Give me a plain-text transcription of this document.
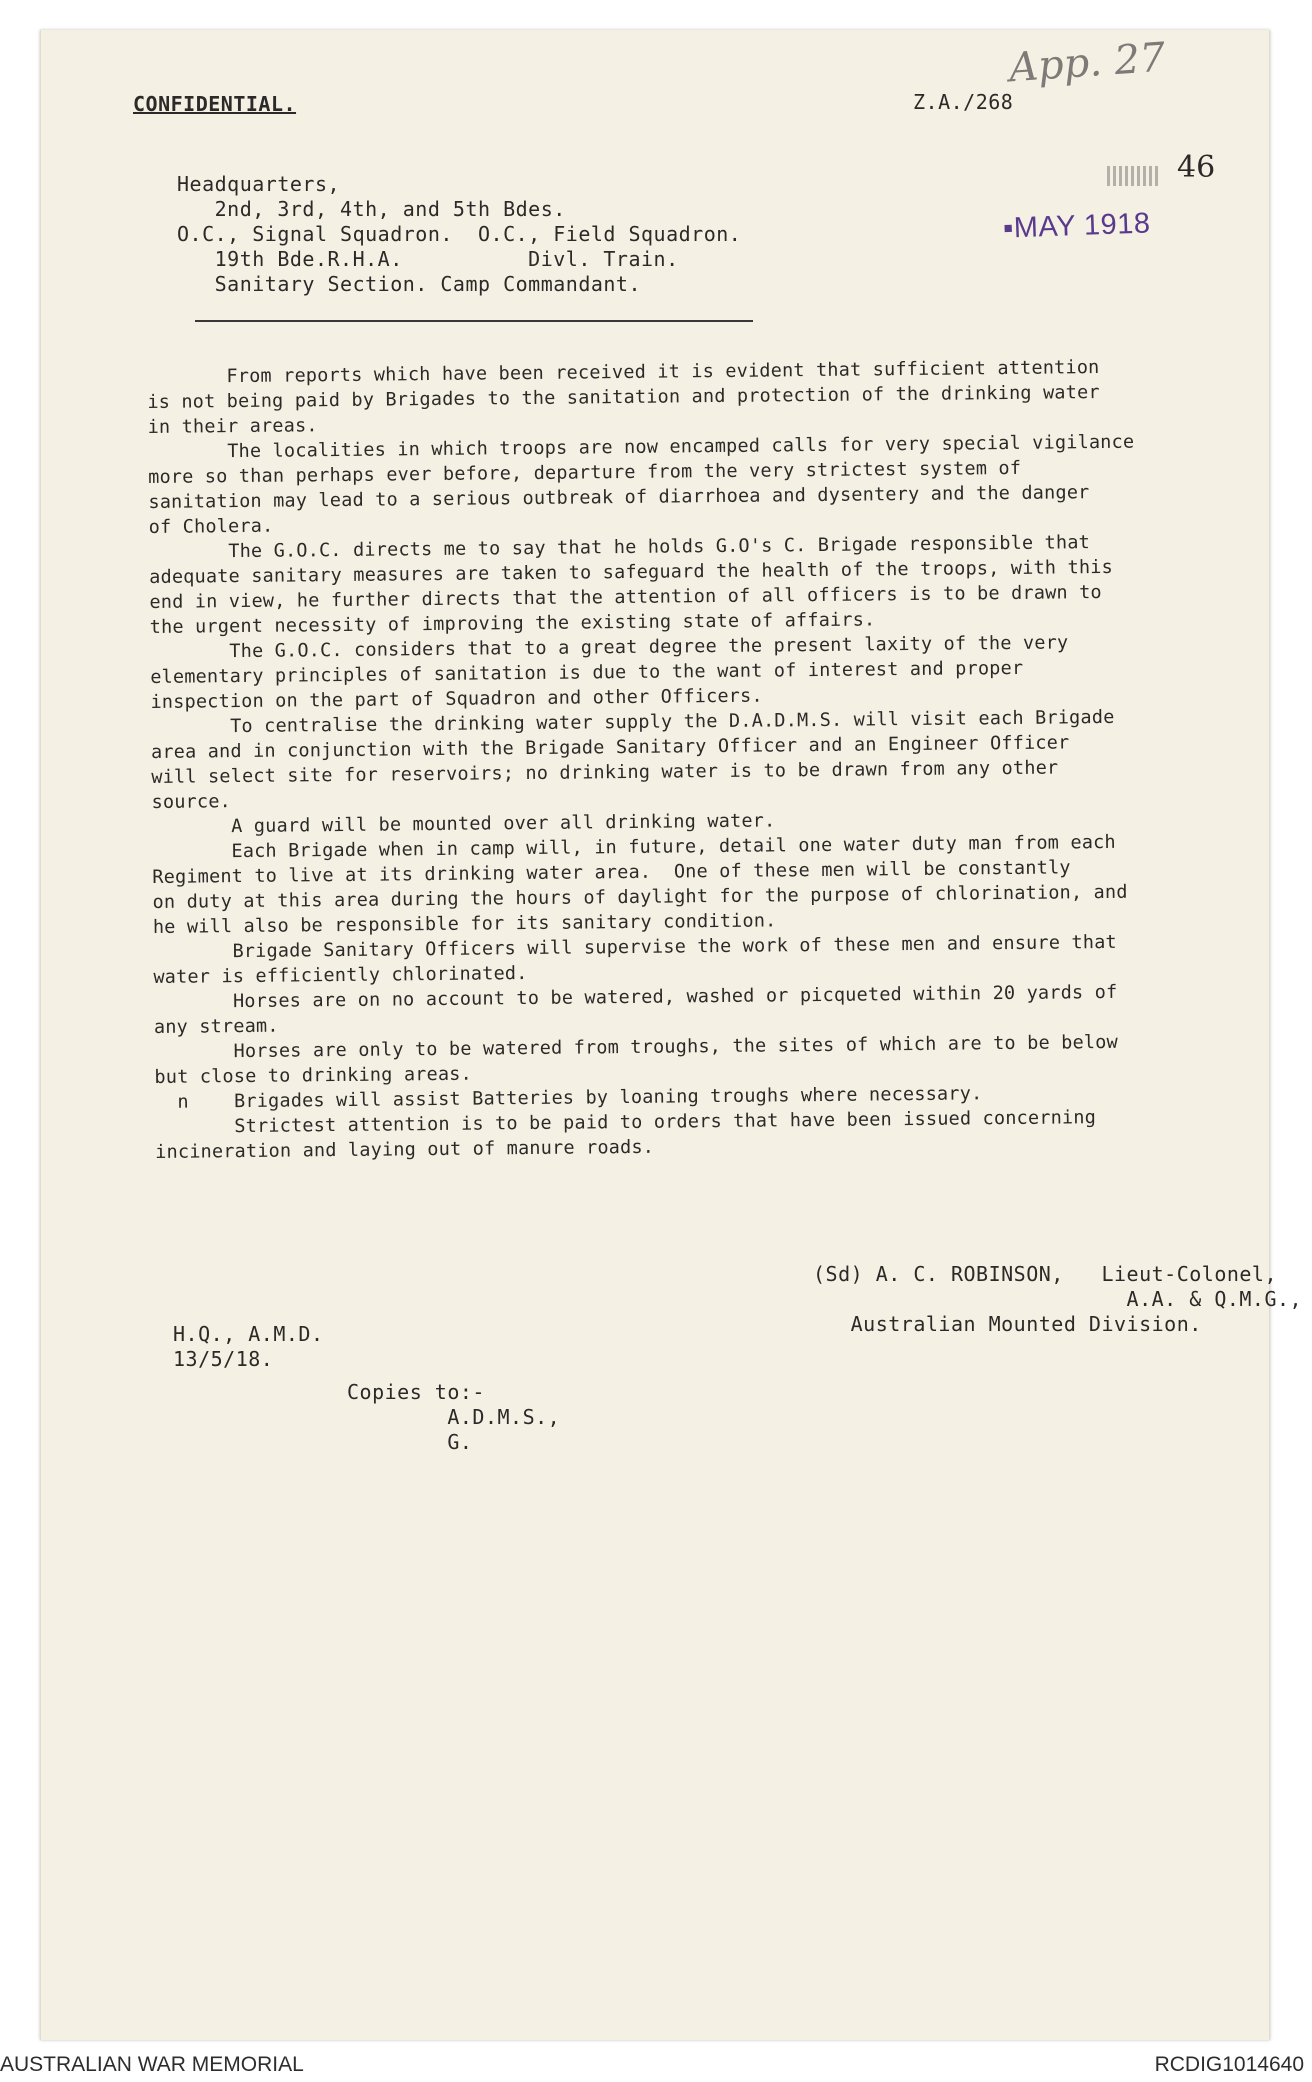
CONFIDENTIAL.	Z.A./268
App. 27
46
▪MAY 1918
Headquarters,
2nd, 3rd, 4th, and 5th Bdes.
O.C., Signal Squadron.  O.C., Field Squadron.
19th Bde.R.H.A.          Divl. Train.
Sanitary Section. Camp Commandant.
From reports which have been received it is evident that sufficient attention
is not being paid by Brigades to the sanitation and protection of the drinking water
in their areas.
The localities in which troops are now encamped calls for very special vigilance
more so than perhaps ever before, departure from the very strictest system of
sanitation may lead to a serious outbreak of diarrhoea and dysentery and the danger
of Cholera.
The G.O.C. directs me to say that he holds G.O's C. Brigade responsible that
adequate sanitary measures are taken to safeguard the health of the troops, with this
end in view, he further directs that the attention of all officers is to be drawn to
the urgent necessity of improving the existing state of affairs.
The G.O.C. considers that to a great degree the present laxity of the very
elementary principles of sanitation is due to the want of interest and proper
inspection on the part of Squadron and other Officers.
To centralise the drinking water supply the D.A.D.M.S. will visit each Brigade
area and in conjunction with the Brigade Sanitary Officer and an Engineer Officer
will select site for reservoirs; no drinking water is to be drawn from any other
source.
A guard will be mounted over all drinking water.
Each Brigade when in camp will, in future, detail one water duty man from each
Regiment to live at its drinking water area.  One of these men will be constantly
on duty at this area during the hours of daylight for the purpose of chlorination, and
he will also be responsible for its sanitary condition.
Brigade Sanitary Officers will supervise the work of these men and ensure that
water is efficiently chlorinated.
Horses are on no account to be watered, washed or picqueted within 20 yards of
any stream.
Horses are only to be watered from troughs, the sites of which are to be below
but close to drinking areas.
n    Brigades will assist Batteries by loaning troughs where necessary.
Strictest attention is to be paid to orders that have been issued concerning
incineration and laying out of manure roads.
(Sd) A. C. ROBINSON,   Lieut-Colonel,
A.A. & Q.M.G.,
Australian Mounted Division.
H.Q., A.M.D.
13/5/18.
Copies to:-
A.D.M.S.,
G.
AUSTRALIAN WAR MEMORIAL	RCDIG1014640
